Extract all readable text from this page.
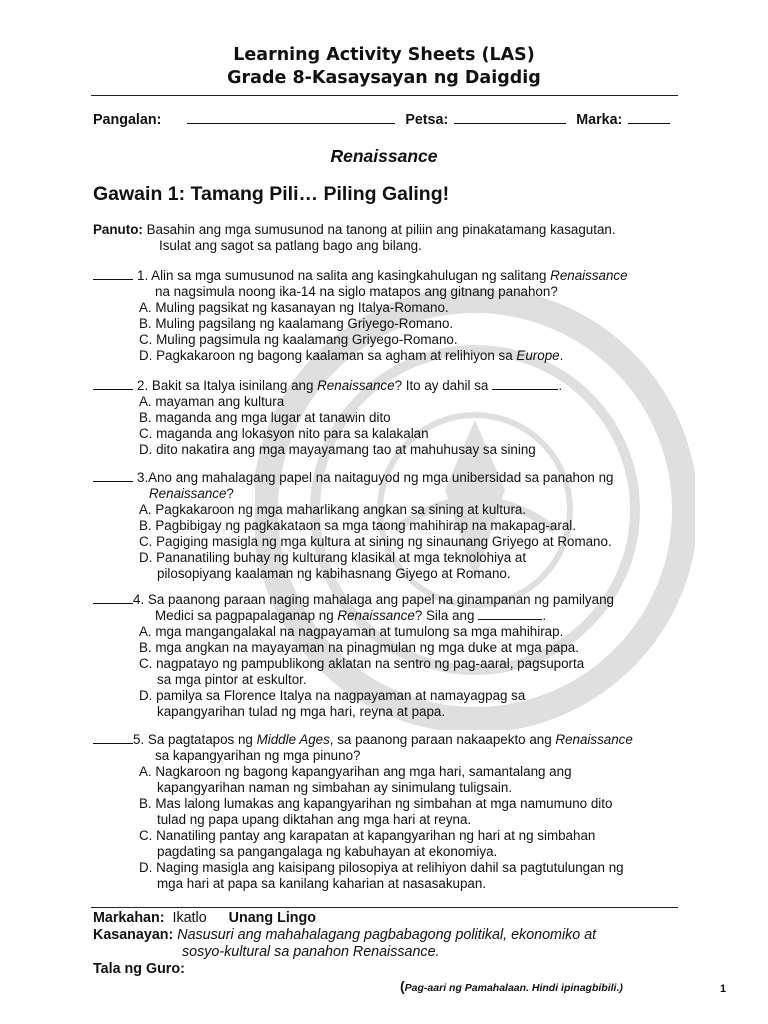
Learning Activity Sheets (LAS)
Grade 8-Kasaysayan ng Daigdig
Pangalan:	Petsa:	Marka:
Renaissance
Gawain 1: Tamang Pili… Piling Galing!
Panuto: Basahin ang mga sumusunod na tanong at piliin ang pinakatamang kasagutan.
Isulat ang sagot sa patlang bago ang bilang.
1. Alin sa mga sumusunod na salita ang kasingkahulugan ng salitang Renaissance
na nagsimula noong ika-14 na siglo matapos ang gitnang panahon?
A. Muling pagsikat ng kasanayan ng Italya-Romano.
B. Muling pagsilang ng kaalamang Griyego-Romano.
C. Muling pagsimula ng kaalamang Griyego-Romano.
D. Pagkakaroon ng bagong kaalaman sa agham at relihiyon sa Europe.
2. Bakit sa Italya isinilang ang Renaissance? Ito ay dahil sa	.
A. mayaman ang kultura
B. maganda ang mga lugar at tanawin dito
C. maganda ang lokasyon nito para sa kalakalan
D. dito nakatira ang mga mayayamang tao at mahuhusay sa sining
3.Ano ang mahalagang papel na naitaguyod ng mga unibersidad sa panahon ng
Renaissance?
A. Pagkakaroon ng mga maharlikang angkan sa sining at kultura.
B. Pagbibigay ng pagkakataon sa mga taong mahihirap na makapag-aral.
C. Pagiging masigla ng mga kultura at sining ng sinaunang Griyego at Romano.
D. Pananatiling buhay ng kulturang klasikal at mga teknolohiya at
pilosopiyang kaalaman ng kabihasnang Giyego at Romano.
4. Sa paanong paraan naging mahalaga ang papel na ginampanan ng pamilyang
Medici sa pagpapalaganap ng Renaissance? Sila ang	.
A. mga mangangalakal na nagpayaman at tumulong sa mga mahihirap.
B. mga angkan na mayayaman na pinagmulan ng mga duke at mga papa.
C. nagpatayo ng pampublikong aklatan na sentro ng pag-aaral, pagsuporta
sa mga pintor at eskultor.
D. pamilya sa Florence Italya na nagpayaman at namayagpag sa
kapangyarihan tulad ng mga hari, reyna at papa.
5. Sa pagtatapos ng Middle Ages, sa paanong paraan nakaapekto ang Renaissance
sa kapangyarihan ng mga pinuno?
A. Nagkaroon ng bagong kapangyarihan ang mga hari, samantalang ang
kapangyarihan naman ng simbahan ay sinimulang tuligsain.
B. Mas lalong lumakas ang kapangyarihan ng simbahan at mga namumuno dito
tulad ng papa upang diktahan ang mga hari at reyna.
C. Nanatiling pantay ang karapatan at kapangyarihan ng hari at ng simbahan
pagdating sa pangangalaga ng kabuhayan at ekonomiya.
D. Naging masigla ang kaisipang pilosopiya at relihiyon dahil sa pagtutulungan ng
mga hari at papa sa kanilang kaharian at nasasakupan.
Markahan: Ikatlo Unang Lingo
Kasanayan: Nasusuri ang mahahalagang pagbabagong politikal, ekonomiko at
sosyo-kultural sa panahon Renaissance.
Tala ng Guro:
(Pag-aari ng Pamahalaan. Hindi ipinagbibili.)	1
